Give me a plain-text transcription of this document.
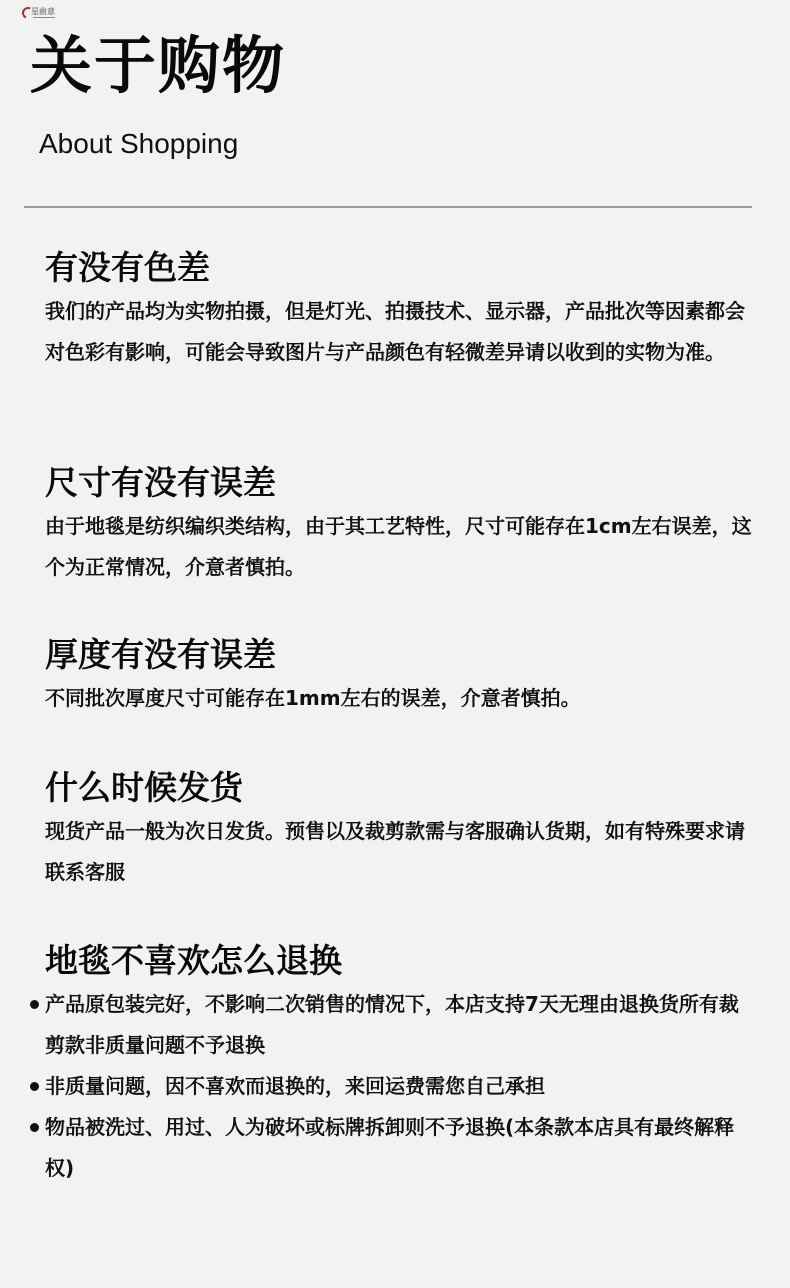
星曲意
关于购物
About Shopping
有没有色差

我们的产品均为实物拍摄，但是灯光、拍摄技术、显示器，产品批次等因素都会对色彩有影响，可能会导致图片与产品颜色有轻微差异请以收到的实物为准。

尺寸有没有误差

由于地毯是纺织编织类结构，由于其工艺特性，尺寸可能存在1cm左右误差，这个为正常情况，介意者慎拍。

厚度有没有误差

不同批次厚度尺寸可能存在1mm左右的误差，介意者慎拍。

什么时候发货

现货产品一般为次日发货。预售以及裁剪款需与客服确认货期，如有特殊要求请联系客服

地毯不喜欢怎么退换
产品原包装完好，不影响二次销售的情况下，本店支持7天无理由退换货所有裁剪款非质量问题不予退换
非质量问题，因不喜欢而退换的，来回运费需您自己承担
物品被洗过、用过、人为破坏或标牌拆卸则不予退换(本条款本店具有最终解释权)
